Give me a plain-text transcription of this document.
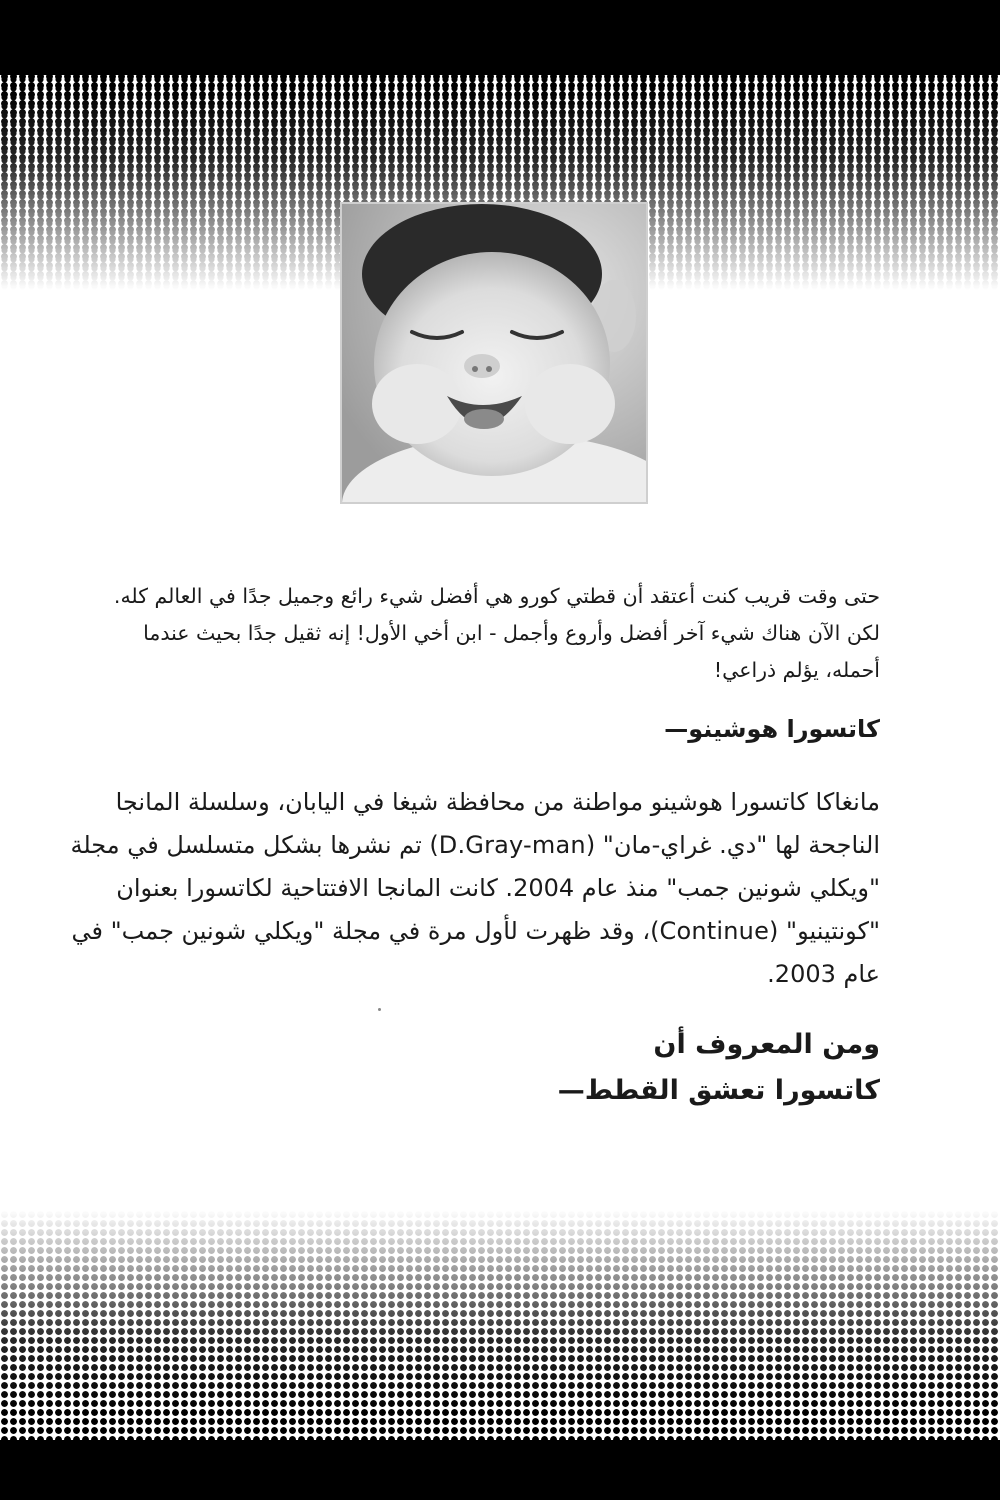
حتى وقت قريب كنت أعتقد أن قطتي كورو هي أفضل شيء رائع وجميل جدًا في العالم كله. لكن الآن هناك شيء آخر أفضل وأروع وأجمل - ابن أخي الأول! إنه ثقيل جدًا بحيث عندما أحمله، يؤلم ذراعي!

كاتسورا هوشينو—

مانغاكا كاتسورا هوشينو مواطنة من محافظة شيغا في اليابان، وسلسلة المانجا الناجحة لها "دي. غراي-مان" (D.Gray-man) تم نشرها بشكل متسلسل في مجلة "ويكلي شونين جمب" منذ عام 2004. كانت المانجا الافتتاحية لكاتسورا بعنوان "كونتينيو" (Continue)، وقد ظهرت لأول مرة في مجلة "ويكلي شونين جمب" في عام 2003.

ومن المعروف أن

كاتسورا تعشق القطط—
